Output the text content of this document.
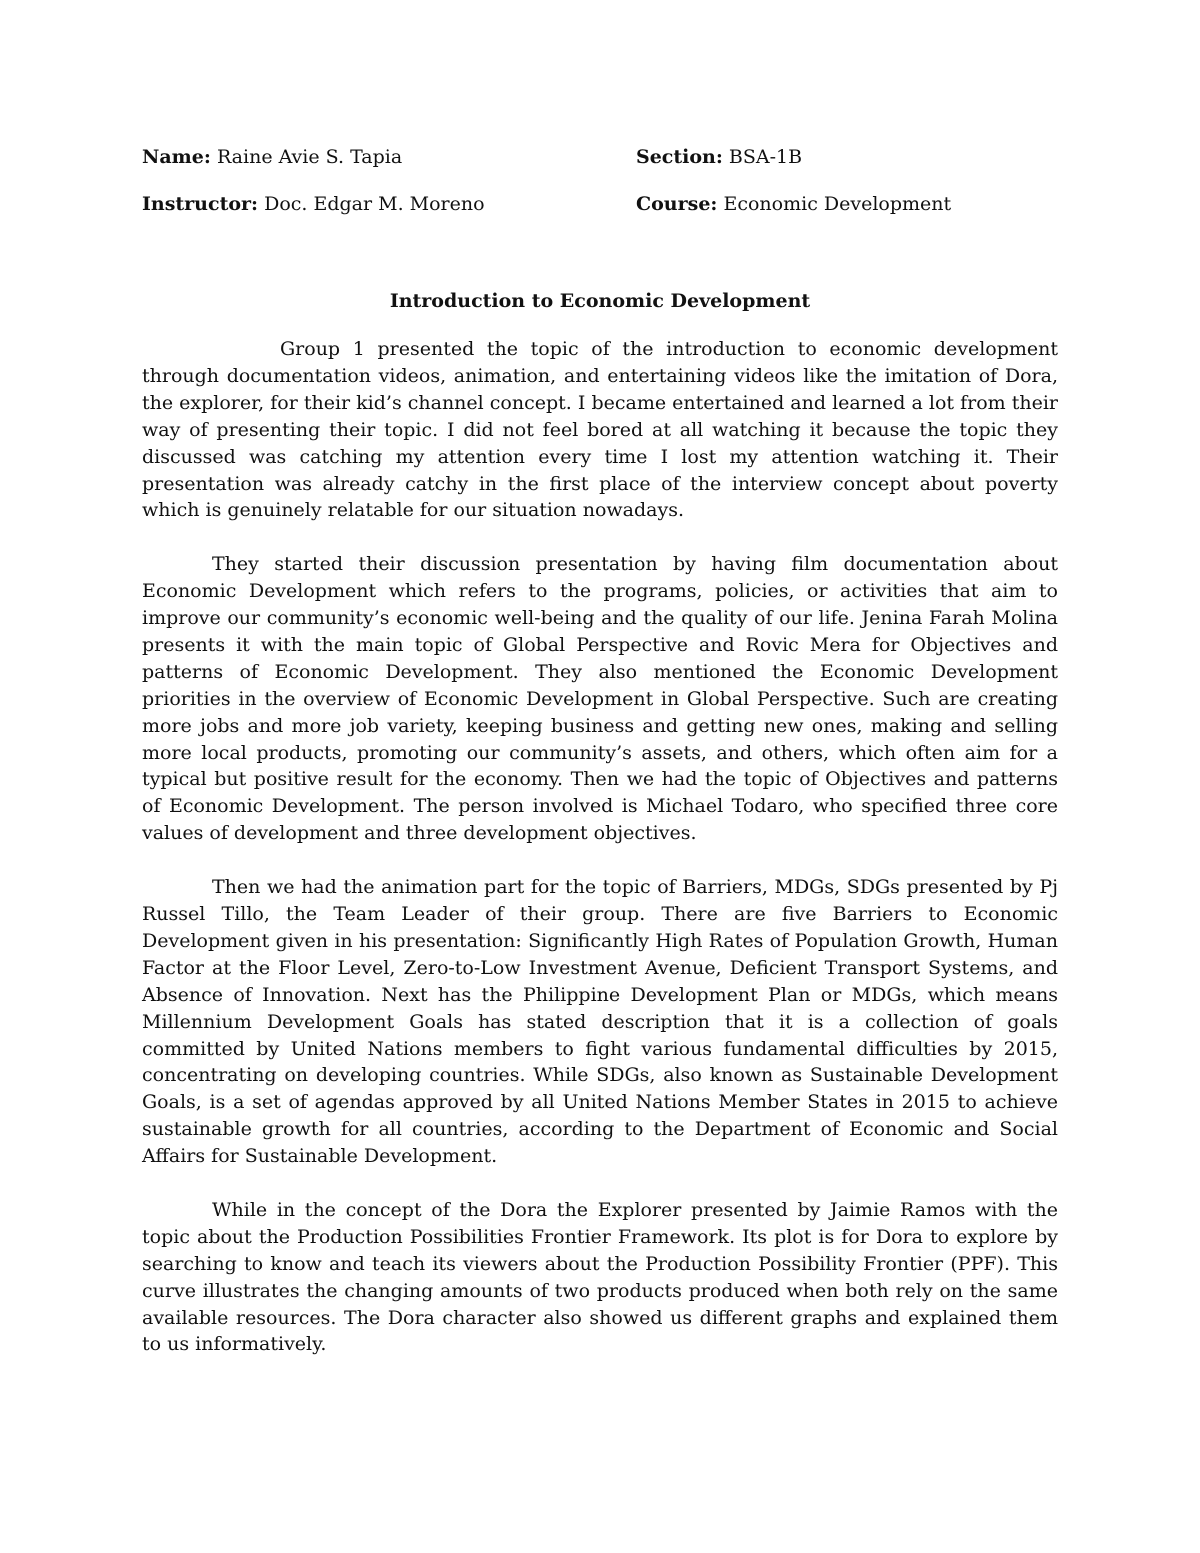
Name: Raine Avie S. Tapia	Section: BSA-1B
Instructor: Doc. Edgar M. Moreno	Course: Economic Development
Introduction to Economic Development

Group 1 presented the topic of the introduction to economic development through documentation videos, animation, and entertaining videos like the imitation of Dora, the explorer, for their kid’s channel concept. I became entertained and learned a lot from their way of presenting their topic. I did not feel bored at all watching it because the topic they discussed was catching my attention every time I lost my attention watching it. Their presentation was already catchy in the first place of the interview concept about poverty which is genuinely relatable for our situation nowadays.

They started their discussion presentation by having film documentation about Economic Development which refers to the programs, policies, or activities that aim to improve our community’s economic well-being and the quality of our life. Jenina Farah Molina presents it with the main topic of Global Perspective and Rovic Mera for Objectives and patterns of Economic Development. They also mentioned the Economic Development priorities in the overview of Economic Development in Global Perspective. Such are creating more jobs and more job variety, keeping business and getting new ones, making and selling more local products, promoting our community’s assets, and others, which often aim for a typical but positive result for the economy. Then we had the topic of Objectives and patterns of Economic Development. The person involved is Michael Todaro, who specified three core values of development and three development objectives.

Then we had the animation part for the topic of Barriers, MDGs, SDGs presented by Pj Russel Tillo, the Team Leader of their group. There are five Barriers to Economic Development given in his presentation: Significantly High Rates of Population Growth, Human Factor at the Floor Level, Zero-to-Low Investment Avenue, Deficient Transport Systems, and Absence of Innovation. Next has the Philippine Development Plan or MDGs, which means Millennium Development Goals has stated description that it is a collection of goals committed by United Nations members to fight various fundamental difficulties by 2015, concentrating on developing countries. While SDGs, also known as Sustainable Development Goals, is a set of agendas approved by all United Nations Member States in 2015 to achieve sustainable growth for all countries, according to the Department of Economic and Social Affairs for Sustainable Development.

While in the concept of the Dora the Explorer presented by Jaimie Ramos with the topic about the Production Possibilities Frontier Framework. Its plot is for Dora to explore by searching to know and teach its viewers about the Production Possibility Frontier (PPF). This curve illustrates the changing amounts of two products produced when both rely on the same available resources. The Dora character also showed us different graphs and explained them to us informatively.
